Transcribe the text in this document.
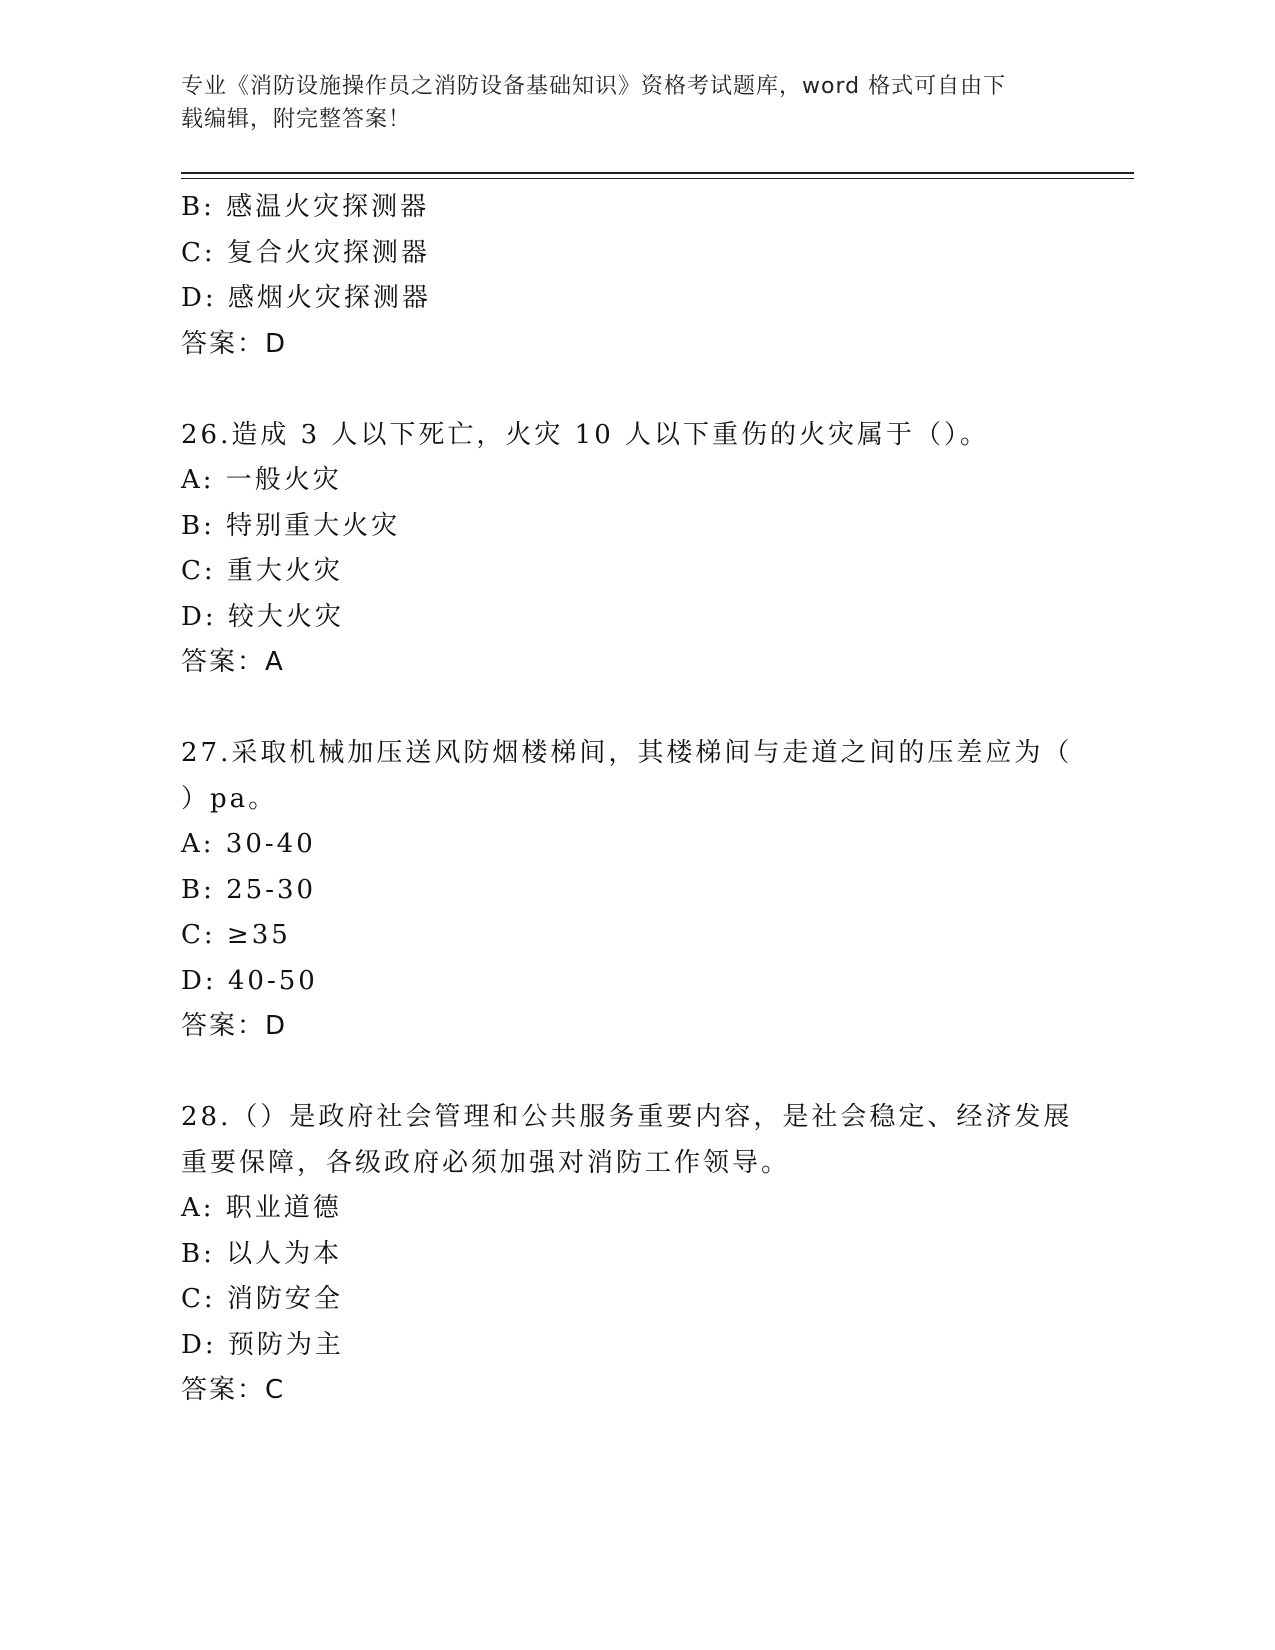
专业《消防设施操作员之消防设备基础知识》资格考试题库，word 格式可自由下
载编辑，附完整答案！
B: 感温火灾探测器
C: 复合火灾探测器
D: 感烟火灾探测器
答案：D
26.造成 3 人以下死亡，火灾 10 人以下重伤的火灾属于（）。
A: 一般火灾
B: 特别重大火灾
C: 重大火灾
D: 较大火灾
答案：A
27.采取机械加压送风防烟楼梯间，其楼梯间与走道之间的压差应为（
）pa。
A: 30-40
B: 25-30
C: ≥35
D: 40-50
答案：D
28.（）是政府社会管理和公共服务重要内容，是社会稳定、经济发展
重要保障，各级政府必须加强对消防工作领导。
A: 职业道德
B: 以人为本
C: 消防安全
D: 预防为主
答案：C
